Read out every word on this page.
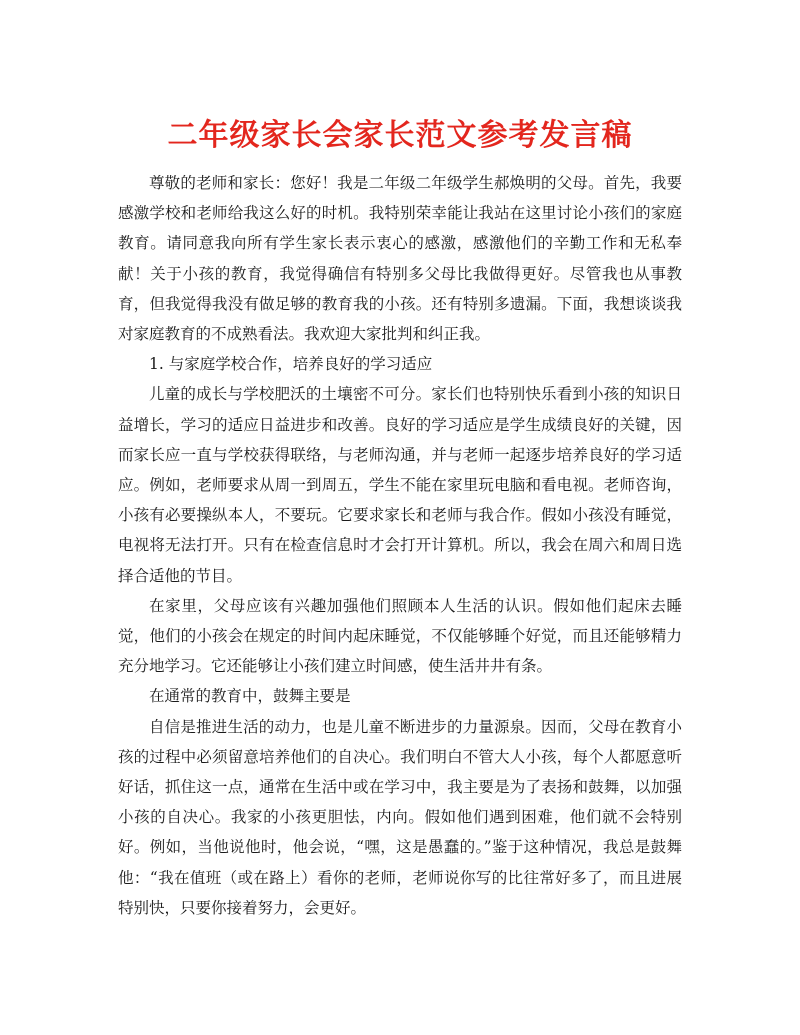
二年级家长会家长范文参考发言稿

尊敬的老师和家长：您好！我是二年级二年级学生郝焕明的父母。首先，我要感激学校和老师给我这么好的时机。我特别荣幸能让我站在这里讨论小孩们的家庭教育。请同意我向所有学生家长表示衷心的感激，感激他们的辛勤工作和无私奉献！关于小孩的教育，我觉得确信有特别多父母比我做得更好。尽管我也从事教育，但我觉得我没有做足够的教育我的小孩。还有特别多遗漏。下面，我想谈谈我对家庭教育的不成熟看法。我欢迎大家批判和纠正我。

1. 与家庭学校合作，培养良好的学习适应

儿童的成长与学校肥沃的土壤密不可分。家长们也特别快乐看到小孩的知识日益增长，学习的适应日益进步和改善。良好的学习适应是学生成绩良好的关键，因而家长应一直与学校获得联络，与老师沟通，并与老师一起逐步培养良好的学习适应。例如，老师要求从周一到周五，学生不能在家里玩电脑和看电视。老师咨询，小孩有必要操纵本人，不要玩。它要求家长和老师与我合作。假如小孩没有睡觉，电视将无法打开。只有在检查信息时才会打开计算机。所以，我会在周六和周日选择合适他的节目。

在家里，父母应该有兴趣加强他们照顾本人生活的认识。假如他们起床去睡觉，他们的小孩会在规定的时间内起床睡觉，不仅能够睡个好觉，而且还能够精力充分地学习。它还能够让小孩们建立时间感，使生活井井有条。

在通常的教育中，鼓舞主要是

自信是推进生活的动力，也是儿童不断进步的力量源泉。因而，父母在教育小孩的过程中必须留意培养他们的自决心。我们明白不管大人小孩，每个人都愿意听好话，抓住这一点，通常在生活中或在学习中，我主要是为了表扬和鼓舞，以加强小孩的自决心。我家的小孩更胆怯，内向。假如他们遇到困难，他们就不会特别好。例如，当他说他时，他会说，“嘿，这是愚蠢的。”鉴于这种情况，我总是鼓舞他：“我在值班（或在路上）看你的老师，老师说你写的比往常好多了，而且进展特别快，只要你接着努力，会更好。
